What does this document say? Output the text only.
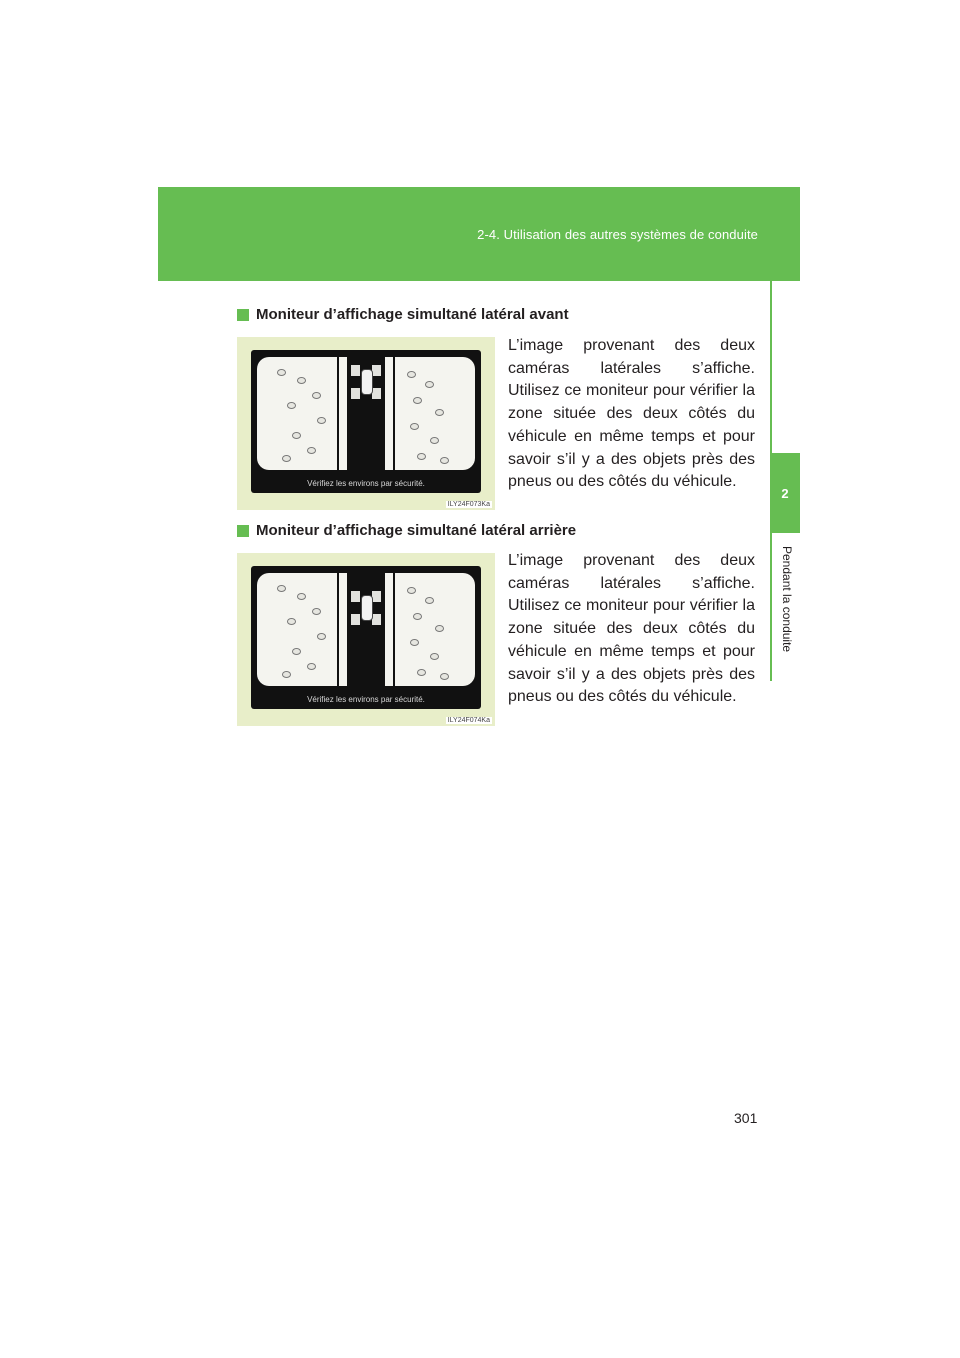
2-4. Utilisation des autres systèmes de conduite
2
Pendant la conduite
Moniteur d’affichage simultané latéral avant
Vérifiez les environs par sécurité.
ILY24F073Ka
L’image provenant des deux caméras latérales s’affiche. Utilisez ce moniteur pour vérifier la zone située des deux côtés du véhicule en même temps et pour savoir s’il y a des objets près des pneus ou des côtés du véhicule.
Moniteur d’affichage simultané latéral arrière
Vérifiez les environs par sécurité.
ILY24F074Ka
L’image provenant des deux caméras latérales s’affiche. Utilisez ce moniteur pour vérifier la zone située des deux côtés du véhicule en même temps et pour savoir s’il y a des objets près des pneus ou des côtés du véhicule.
301
